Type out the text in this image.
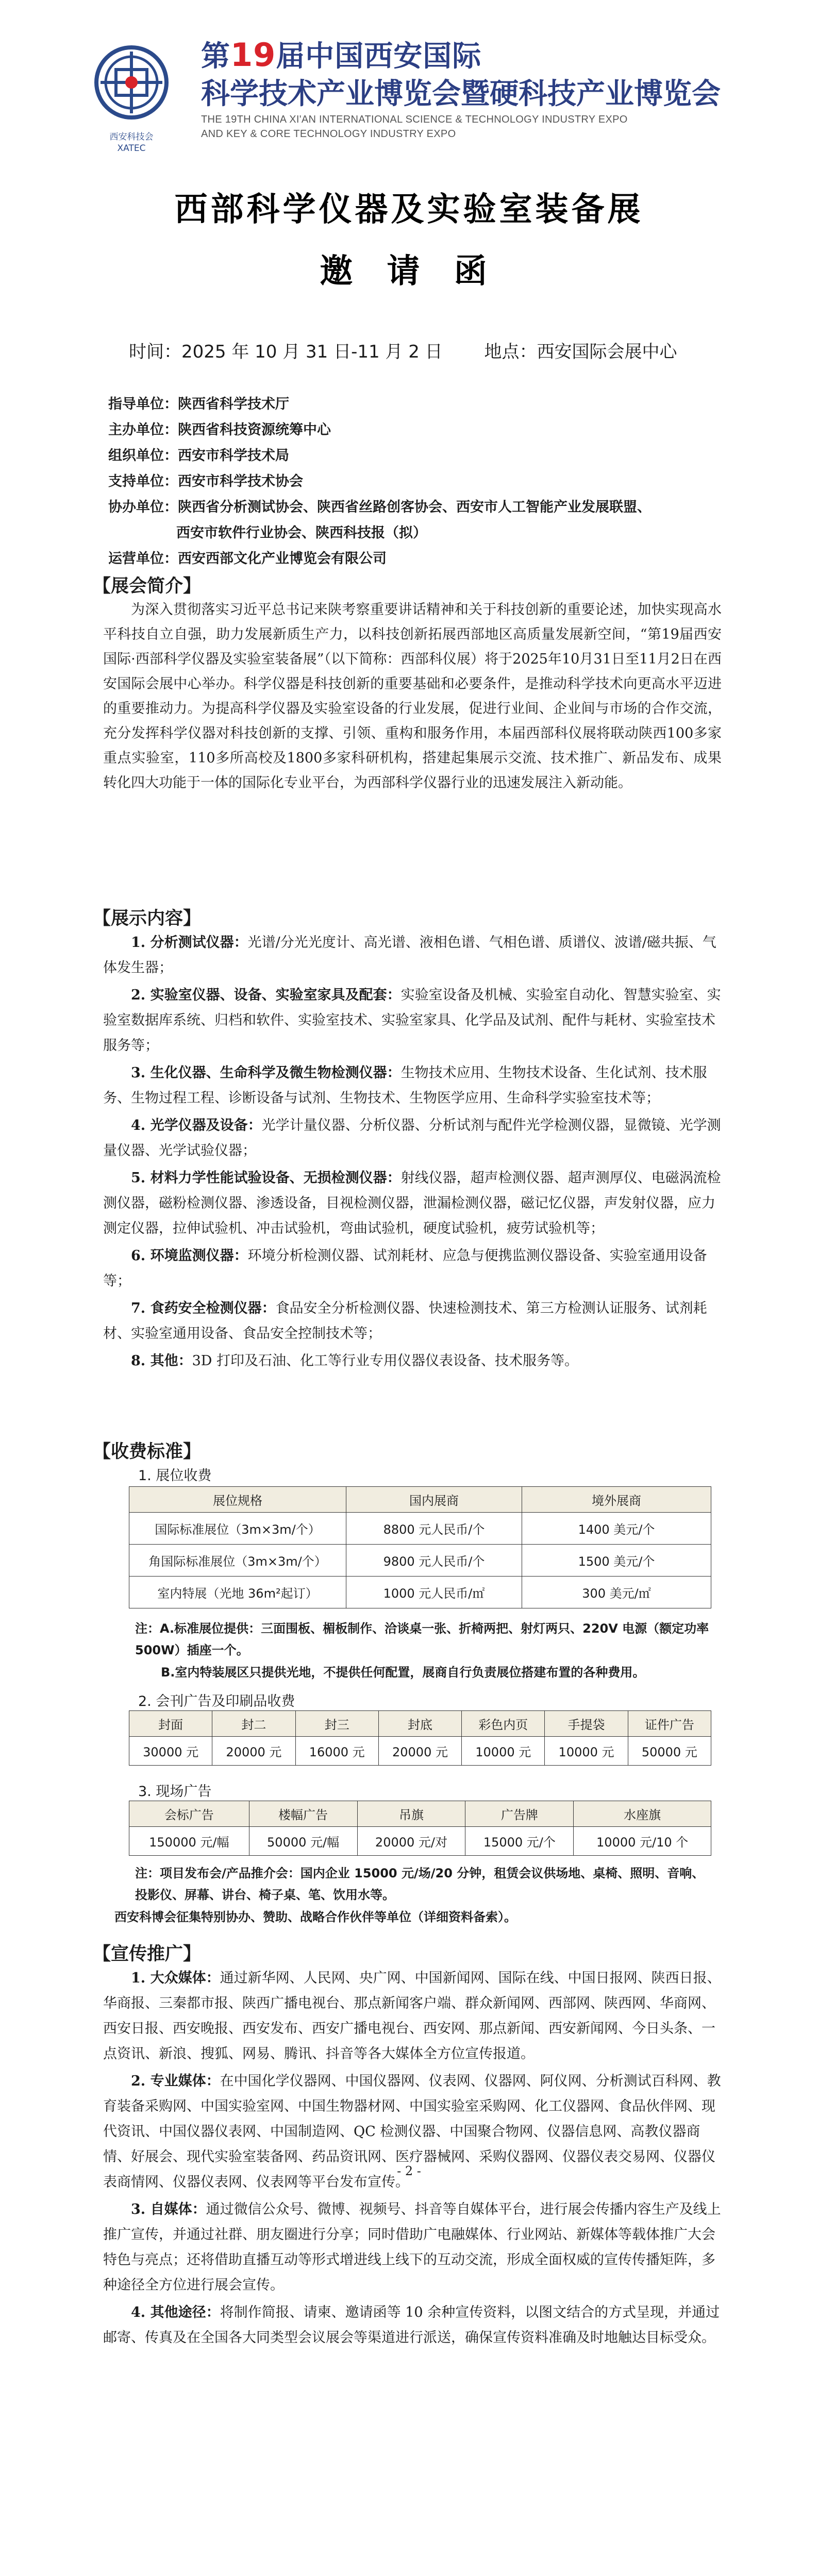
西安科技会
XATEC
第19届中国西安国际
科学技术产业博览会暨硬科技产业博览会
THE 19TH CHINA XI'AN INTERNATIONAL SCIENCE & TECHNOLOGY INDUSTRY EXPO
AND KEY & CORE TECHNOLOGY INDUSTRY EXPO
西部科学仪器及实验室装备展
邀 请 函
时间：2025 年 10 月 31 日-11 月 2 日 地点：西安国际会展中心
指导单位：陕西省科学技术厅
主办单位：陕西省科技资源统筹中心
组织单位：西安市科学技术局
支持单位：西安市科学技术协会
协办单位：陕西省分析测试协会、陕西省丝路创客协会、西安市人工智能产业发展联盟、
西安市软件行业协会、陕西科技报（拟）
运营单位：西安西部文化产业博览会有限公司
【展会简介】

为深入贯彻落实习近平总书记来陕考察重要讲话精神和关于科技创新的重要论述，加快实现高水平科技自立自强，助力发展新质生产力，以科技创新拓展西部地区高质量发展新空间，“第19届西安国际·西部科学仪器及实验室装备展”（以下简称：西部科仪展）将于2025年10月31日至11月2日在西安国际会展中心举办。科学仪器是科技创新的重要基础和必要条件，是推动科学技术向更高水平迈进的重要推动力。为提高科学仪器及实验室设备的行业发展，促进行业间、企业间与市场的合作交流，充分发挥科学仪器对科技创新的支撑、引领、重构和服务作用，本届西部科仪展将联动陕西100多家重点实验室，110多所高校及1800多家科研机构，搭建起集展示交流、技术推广、新品发布、成果转化四大功能于一体的国际化专业平台，为西部科学仪器行业的迅速发展注入新动能。

【展示内容】

1. 分析测试仪器：光谱/分光光度计、高光谱、液相色谱、气相色谱、质谱仪、波谱/磁共振、气体发生器；

2. 实验室仪器、设备、实验室家具及配套：实验室设备及机械、实验室自动化、智慧实验室、实验室数据库系统、归档和软件、实验室技术、实验室家具、化学品及试剂、配件与耗材、实验室技术服务等；

3. 生化仪器、生命科学及微生物检测仪器：生物技术应用、生物技术设备、生化试剂、技术服务、生物过程工程、诊断设备与试剂、生物技术、生物医学应用、生命科学实验室技术等；

4. 光学仪器及设备：光学计量仪器、分析仪器、分析试剂与配件光学检测仪器，显微镜、光学测量仪器、光学试验仪器；

5. 材料力学性能试验设备、无损检测仪器：射线仪器，超声检测仪器、超声测厚仪、电磁涡流检测仪器，磁粉检测仪器、渗透设备，目视检测仪器，泄漏检测仪器，磁记忆仪器，声发射仪器，应力测定仪器，拉伸试验机、冲击试验机，弯曲试验机，硬度试验机，疲劳试验机等；

6. 环境监测仪器：环境分析检测仪器、试剂耗材、应急与便携监测仪器设备、实验室通用设备等；

7. 食药安全检测仪器：食品安全分析检测仪器、快速检测技术、第三方检测认证服务、试剂耗材、实验室通用设备、食品安全控制技术等；

8. 其他：3D 打印及石油、化工等行业专用仪器仪表设备、技术服务等。

【收费标准】
1. 展位收费
展位规格	国内展商	境外展商
国际标准展位（3m×3m/个）	8800 元人民币/个	1400 美元/个
角国际标准展位（3m×3m/个）	9800 元人民币/个	1500 美元/个
室内特展（光地 36m²起订）	1000 元人民币/㎡	300 美元/㎡
注：A.标准展位提供：三面围板、楣板制作、洽谈桌一张、折椅两把、射灯两只、220V 电源（额定功率 500W）插座一个。
B.室内特装展区只提供光地，不提供任何配置，展商自行负责展位搭建布置的各种费用。
2. 会刊广告及印刷品收费
封面	封二	封三	封底	彩色内页	手提袋	证件广告
30000 元	20000 元	16000 元	20000 元	10000 元	10000 元	50000 元
3. 现场广告
会标广告	楼幅广告	吊旗	广告牌	水座旗
150000 元/幅	50000 元/幅	20000 元/对	15000 元/个	10000 元/10 个
注：项目发布会/产品推介会：国内企业 15000 元/场/20 分钟，租赁会议供场地、桌椅、照明、音响、投影仪、屏幕、讲台、椅子桌、笔、饮用水等。
西安科博会征集特别协办、赞助、战略合作伙伴等单位（详细资料备索）。
【宣传推广】

1. 大众媒体：通过新华网、人民网、央广网、中国新闻网、国际在线、中国日报网、陕西日报、华商报、三秦都市报、陕西广播电视台、那点新闻客户端、群众新闻网、西部网、陕西网、华商网、西安日报、西安晚报、西安发布、西安广播电视台、西安网、那点新闻、西安新闻网、今日头条、一点资讯、新浪、搜狐、网易、腾讯、抖音等各大媒体全方位宣传报道。

2. 专业媒体：在中国化学仪器网、中国仪器网、仪表网、仪器网、阿仪网、分析测试百科网、教育装备采购网、中国实验室网、中国生物器材网、中国实验室采购网、化工仪器网、食品伙伴网、现代资讯、中国仪器仪表网、中国制造网、QC 检测仪器、中国聚合物网、仪器信息网、高教仪器商情、好展会、现代实验室装备网、药品资讯网、医疗器械网、采购仪器网、仪器仪表交易网、仪器仪表商情网、仪器仪表网、仪表网等平台发布宣传。

3. 自媒体：通过微信公众号、微博、视频号、抖音等自媒体平台，进行展会传播内容生产及线上推广宣传，并通过社群、朋友圈进行分享；同时借助广电融媒体、行业网站、新媒体等载体推广大会特色与亮点；还将借助直播互动等形式增进线上线下的互动交流，形成全面权威的宣传传播矩阵，多种途径全方位进行展会宣传。

4. 其他途径：将制作简报、请柬、邀请函等 10 余种宣传资料，以图文结合的方式呈现，并通过邮寄、传真及在全国各大同类型会议展会等渠道进行派送，确保宣传资料准确及时地触达目标受众。

- 2 -
